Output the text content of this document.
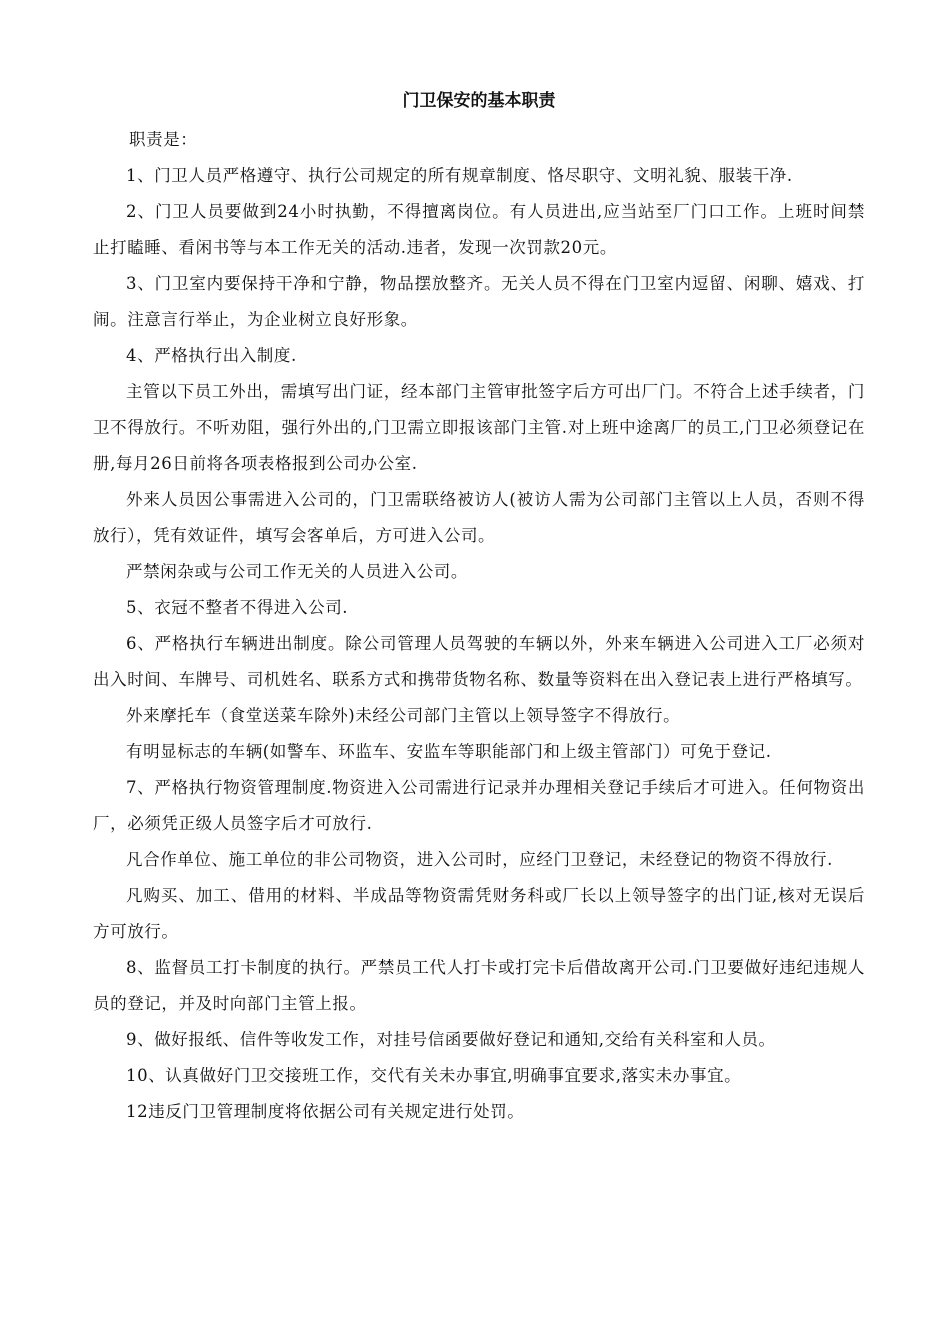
门卫保安的基本职责

职责是：

1、门卫人员严格遵守、执行公司规定的所有规章制度、恪尽职守、文明礼貌、服装干净.

2、门卫人员要做到24小时执勤，不得擅离岗位。有人员进出,应当站至厂门口工作。上班时间禁止打瞌睡、看闲书等与本工作无关的活动.违者，发现一次罚款20元。

3、门卫室内要保持干净和宁静，物品摆放整齐。无关人员不得在门卫室内逗留、闲聊、嬉戏、打闹。注意言行举止，为企业树立良好形象。

4、严格执行出入制度.

主管以下员工外出，需填写出门证，经本部门主管审批签字后方可出厂门。不符合上述手续者，门卫不得放行。不听劝阻，强行外出的,门卫需立即报该部门主管.对上班中途离厂的员工,门卫必须登记在册,每月26日前将各项表格报到公司办公室.

外来人员因公事需进入公司的，门卫需联络被访人(被访人需为公司部门主管以上人员，否则不得放行），凭有效证件，填写会客单后，方可进入公司。

严禁闲杂或与公司工作无关的人员进入公司。

5、衣冠不整者不得进入公司.

6、严格执行车辆进出制度。除公司管理人员驾驶的车辆以外，外来车辆进入公司进入工厂必须对出入时间、车牌号、司机姓名、联系方式和携带货物名称、数量等资料在出入登记表上进行严格填写。

外来摩托车（食堂送菜车除外)未经公司部门主管以上领导签字不得放行。

有明显标志的车辆(如警车、环监车、安监车等职能部门和上级主管部门）可免于登记.

7、严格执行物资管理制度.物资进入公司需进行记录并办理相关登记手续后才可进入。任何物资出厂，必须凭正级人员签字后才可放行.

凡合作单位、施工单位的非公司物资，进入公司时，应经门卫登记，未经登记的物资不得放行.

凡购买、加工、借用的材料、半成品等物资需凭财务科或厂长以上领导签字的出门证,核对无误后方可放行。

8、监督员工打卡制度的执行。严禁员工代人打卡或打完卡后借故离开公司.门卫要做好违纪违规人员的登记，并及时向部门主管上报。

9、做好报纸、信件等收发工作，对挂号信函要做好登记和通知,交给有关科室和人员。

10、认真做好门卫交接班工作，交代有关未办事宜,明确事宜要求,落实未办事宜。

12违反门卫管理制度将依据公司有关规定进行处罚。
